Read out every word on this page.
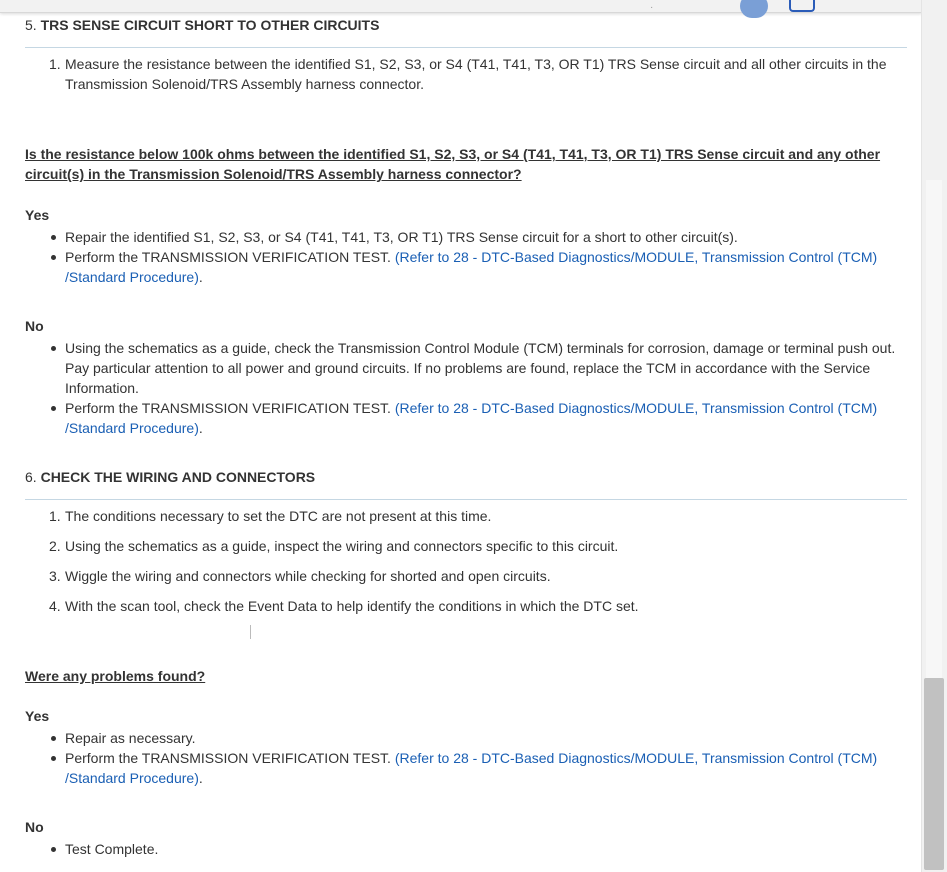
·
5. TRS SENSE CIRCUIT SHORT TO OTHER CIRCUITS
1. Measure the resistance between the identified S1, S2, S3, or S4 (T41, T41, T3, OR T1) TRS Sense circuit and all other circuits in the Transmission Solenoid/TRS Assembly harness connector.
Is the resistance below 100k ohms between the identified S1, S2, S3, or S4 (T41, T41, T3, OR T1) TRS Sense circuit and any other circuit(s) in the Transmission Solenoid/TRS Assembly harness connector?
Yes
Repair the identified S1, S2, S3, or S4 (T41, T41, T3, OR T1) TRS Sense circuit for a short to other circuit(s).
Perform the TRANSMISSION VERIFICATION TEST. (Refer to 28 - DTC-Based Diagnostics/MODULE, Transmission Control (TCM) /Standard Procedure).
No
Using the schematics as a guide, check the Transmission Control Module (TCM) terminals for corrosion, damage or terminal push out. Pay particular attention to all power and ground circuits. If no problems are found, replace the TCM in accordance with the Service Information.
Perform the TRANSMISSION VERIFICATION TEST. (Refer to 28 - DTC-Based Diagnostics/MODULE, Transmission Control (TCM) /Standard Procedure).
6. CHECK THE WIRING AND CONNECTORS
1. The conditions necessary to set the DTC are not present at this time.
2. Using the schematics as a guide, inspect the wiring and connectors specific to this circuit.
3. Wiggle the wiring and connectors while checking for shorted and open circuits.
4. With the scan tool, check the Event Data to help identify the conditions in which the DTC set.
Were any problems found?
Yes
Repair as necessary.
Perform the TRANSMISSION VERIFICATION TEST. (Refer to 28 - DTC-Based Diagnostics/MODULE, Transmission Control (TCM) /Standard Procedure).
No
Test Complete.
